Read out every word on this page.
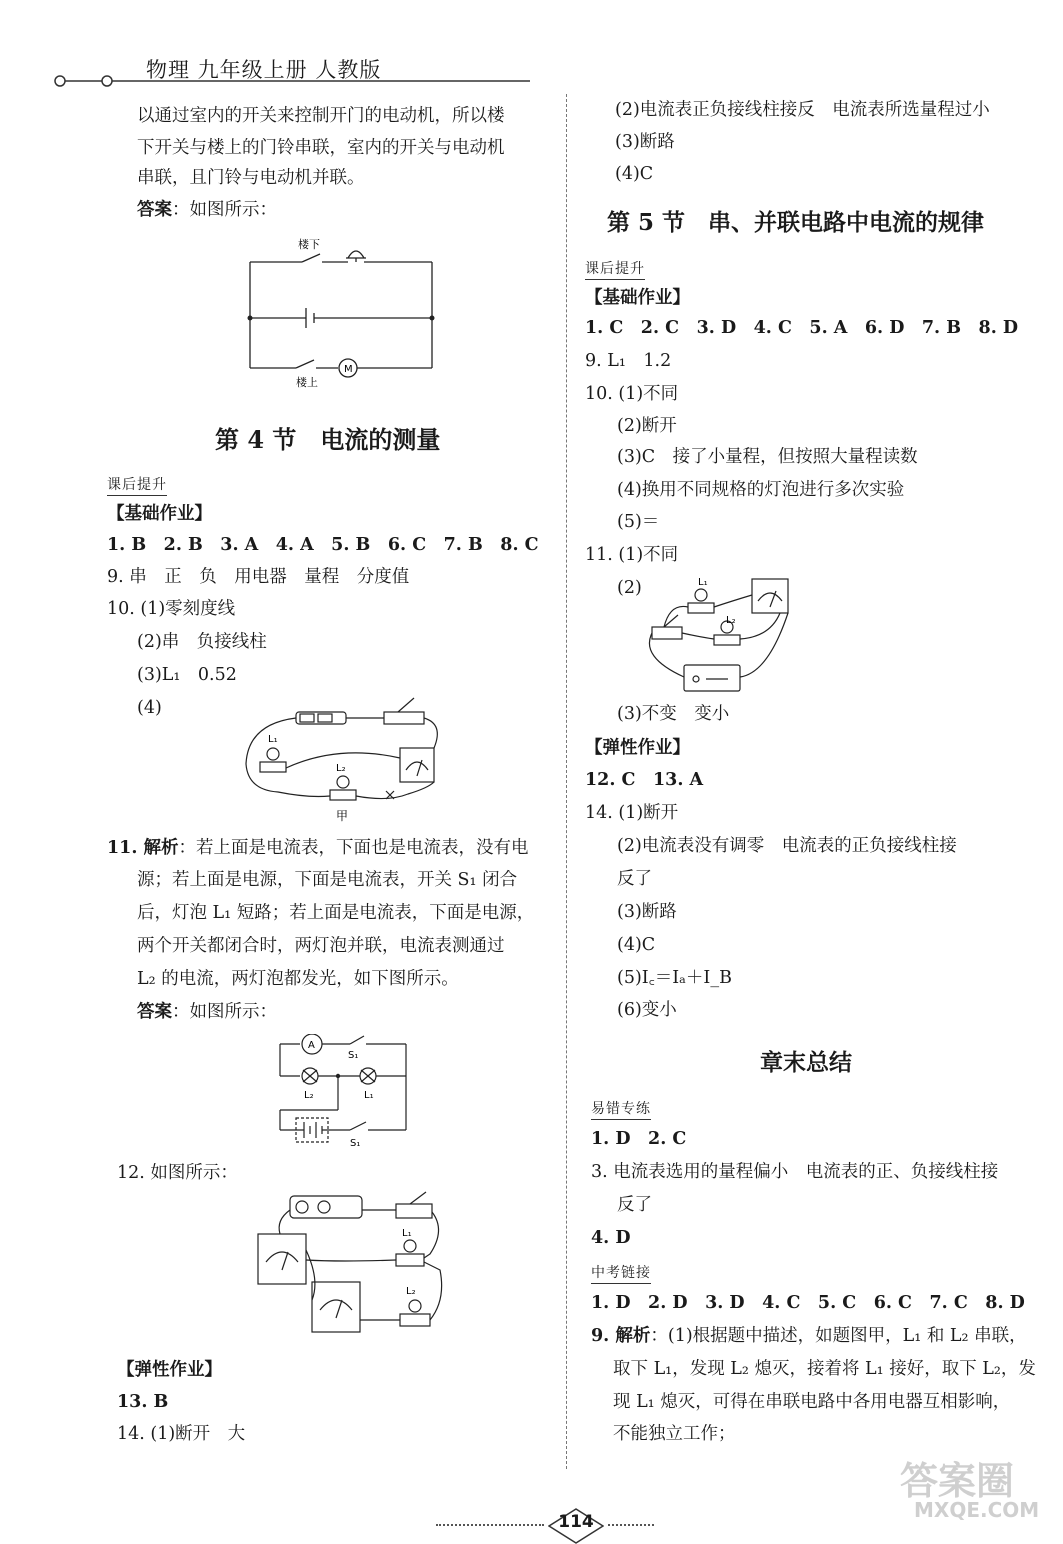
物理 九年级上册 人教版
以通过室内的开关来控制开门的电动机，所以楼
下开关与楼上的门铃串联，室内的开关与电动机
串联，且门铃与电动机并联。
答案：如图所示：
楼下
楼上
M
第 4 节　电流的测量
课后提升
【基础作业】
1. B　2. B　3. A　4. A　5. B　6. C　7. B　8. C
9. 串　正　负　用电器　量程　分度值
10. (1)零刻度线
(2)串　负接线柱
(3)L₁　0.52
(4)
L₁
L₂
甲
11. 解析：若上面是电流表，下面也是电流表，没有电
源；若上面是电源，下面是电流表，开关 S₁ 闭合
后，灯泡 L₁ 短路；若上面是电流表，下面是电源，
两个开关都闭合时，两灯泡并联，电流表测通过
L₂ 的电流，两灯泡都发光，如下图所示。
答案：如图所示：
A
S₁
L₂	L₁
S₁
12. 如图所示：
L₁
L₂
【弹性作业】
13. B
14. (1)断开　大
(2)电流表正负接线柱接反　电流表所选量程过小
(3)断路
(4)C
第 5 节　串、并联电路中电流的规律
课后提升
【基础作业】
1. C　2. C　3. D　4. C　5. A　6. D　7. B　8. D
9. L₁　1.2
10. (1)不同
(2)断开
(3)C　接了小量程，但按照大量程读数
(4)换用不同规格的灯泡进行多次实验
(5)＝
11. (1)不同
(2)	L₁
L₂
(3)不变　变小
【弹性作业】
12. C　13. A
14. (1)断开
(2)电流表没有调零　电流表的正负接线柱接
反了
(3)断路
(4)C
(5)I꜀＝Iₐ＋I_B
(6)变小
章末总结
易错专练
1. D　2. C
3. 电流表选用的量程偏小　电流表的正、负接线柱接
反了
4. D
中考链接
1. D　2. D　3. D　4. C　5. C　6. C　7. C　8. D
9. 解析：(1)根据题中描述，如题图甲，L₁ 和 L₂ 串联，
取下 L₁，发现 L₂ 熄灭，接着将 L₁ 接好，取下 L₂，发
现 L₁ 熄灭，可得在串联电路中各用电器互相影响，
不能独立工作；
114
答案圈
MXQE.COM
